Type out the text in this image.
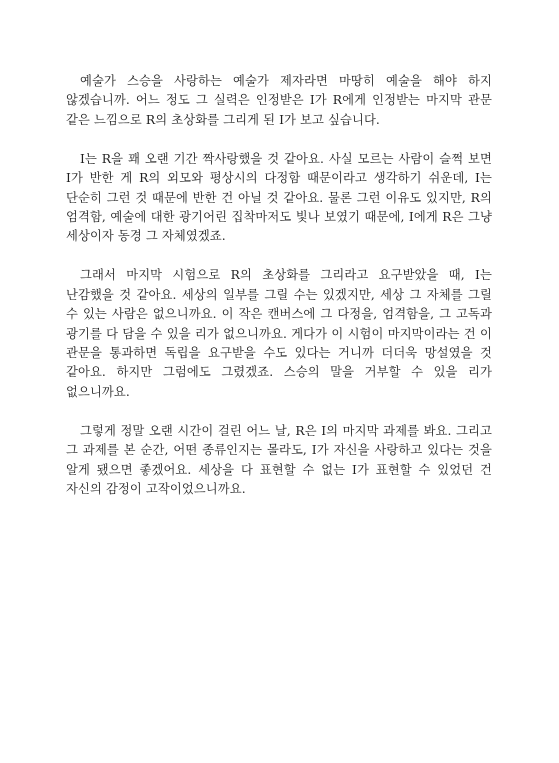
예술가 스승을 사랑하는 예술가 제자라면 마땅히 예술을 해야 하지 않겠습니까. 어느 정도 그 실력은 인정받은 I가 R에게 인정받는 마지막 관문 같은 느낌으로 R의 초상화를 그리게 된 I가 보고 싶습니다.

I는 R을 꽤 오랜 기간 짝사랑했을 것 같아요. 사실 모르는 사람이 슬쩍 보면 I가 반한 게 R의 외모와 평상시의 다정함 때문이라고 생각하기 쉬운데, I는 단순히 그런 것 때문에 반한 건 아닐 것 같아요. 물론 그런 이유도 있지만, R의 엄격함, 예술에 대한 광기어린 집착마저도 빛나 보였기 때문에, I에게 R은 그냥 세상이자 동경 그 자체였겠죠.

그래서 마지막 시험으로 R의 초상화를 그리라고 요구받았을 때, I는 난감했을 것 같아요. 세상의 일부를 그릴 수는 있겠지만, 세상 그 자체를 그릴 수 있는 사람은 없으니까요. 이 작은 캔버스에 그 다정을, 엄격함을, 그 고독과 광기를 다 담을 수 있을 리가 없으니까요. 게다가 이 시험이 마지막이라는 건 이 관문을 통과하면 독립을 요구받을 수도 있다는 거니까 더더욱 망설였을 것 같아요. 하지만 그럼에도 그렸겠죠. 스승의 말을 거부할 수 있을 리가 없으니까요.

그렇게 정말 오랜 시간이 걸린 어느 날, R은 I의 마지막 과제를 봐요. 그리고 그 과제를 본 순간, 어떤 종류인지는 몰라도, I가 자신을 사랑하고 있다는 것을 알게 됐으면 좋겠어요. 세상을 다 표현할 수 없는 I가 표현할 수 있었던 건 자신의 감정이 고작이었으니까요.
